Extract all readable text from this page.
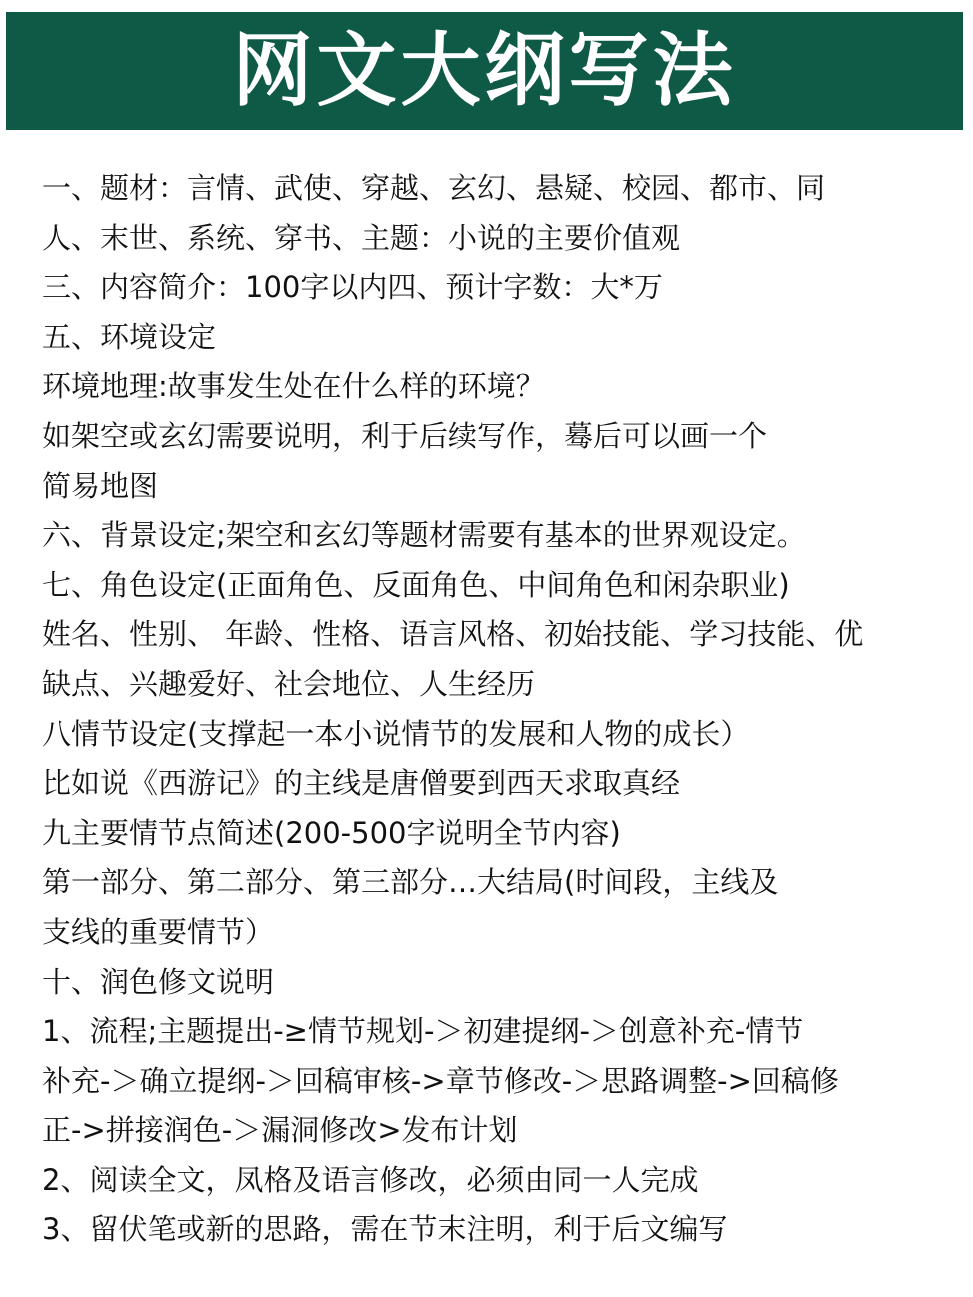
网文大纲写法
一、题材：言情、武使、穿越、玄幻、悬疑、校园、都市、同
人、末世、系统、穿书、主题：小说的主要价值观
三、内容简介：100字以内四、预计字数：大*万
五、环境设定
环境地理:故事发生处在什么样的环境？
如架空或玄幻需要说明，利于后续写作，蓦后可以画一个
简易地图
六、背景设定;架空和玄幻等题材需要有基本的世界观设定。
七、角色设定(正面角色、反面角色、中间角色和闲杂职业)
姓名、性别、 年龄、性格、语言风格、初始技能、学习技能、优
缺点、兴趣爱好、社会地位、人生经历
八情节设定(支撑起一本小说情节的发展和人物的成长）
比如说《西游记》的主线是唐僧要到西天求取真经
九主要情节点简述(200-500字说明全节内容)
第一部分、第二部分、第三部分…大结局(时间段，主线及
支线的重要情节）
十、润色修文说明
1、流程;主题提出-≥情节规划-＞初建提纲-＞创意补充-情节
补充-＞确立提纲-＞回稿审核->章节修改-＞思路调整->回稿修
正->拼接润色-＞漏洞修改>发布计划
2、阅读全文，凤格及语言修改，必须由同一人完成
3、留伏笔或新的思路，需在节末注明，利于后文编写
